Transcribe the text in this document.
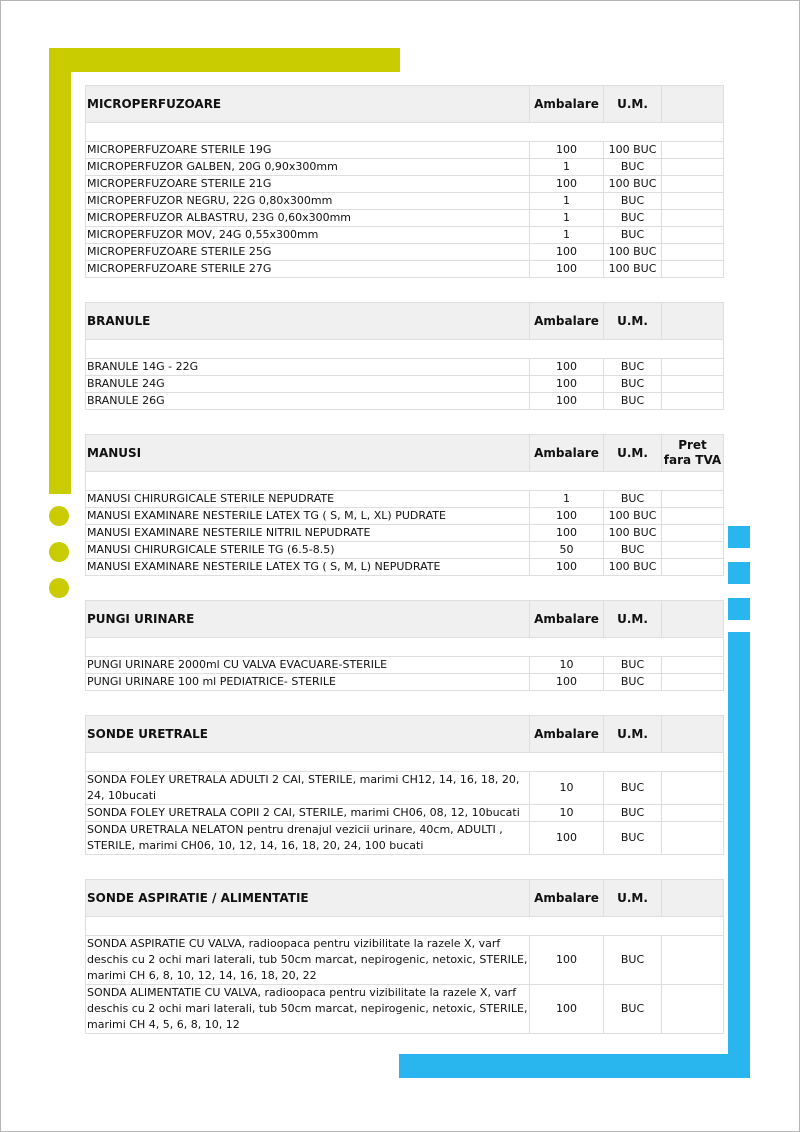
MICROPERFUZOARE	Ambalare	U.M.	

MICROPERFUZOARE STERILE 19G	100	100 BUC	
MICROPERFUZOR GALBEN, 20G 0,90x300mm	1	BUC	
MICROPERFUZOARE STERILE 21G	100	100 BUC	
MICROPERFUZOR NEGRU, 22G 0,80x300mm	1	BUC	
MICROPERFUZOR ALBASTRU, 23G 0,60x300mm	1	BUC	
MICROPERFUZOR MOV, 24G 0,55x300mm	1	BUC	
MICROPERFUZOARE STERILE 25G	100	100 BUC	
MICROPERFUZOARE STERILE 27G	100	100 BUC	
BRANULE	Ambalare	U.M.	

BRANULE 14G - 22G	100	BUC	
BRANULE 24G	100	BUC	
BRANULE 26G	100	BUC	
MANUSI	Ambalare	U.M.	Pret fara TVA

MANUSI CHIRURGICALE STERILE NEPUDRATE	1	BUC	
MANUSI EXAMINARE NESTERILE LATEX TG ( S, M, L, XL) PUDRATE	100	100 BUC	
MANUSI EXAMINARE NESTERILE NITRIL NEPUDRATE	100	100 BUC	
MANUSI CHIRURGICALE STERILE TG (6.5-8.5)	50	BUC	
MANUSI EXAMINARE NESTERILE LATEX TG ( S, M, L) NEPUDRATE	100	100 BUC	
PUNGI URINARE	Ambalare	U.M.	

PUNGI URINARE 2000ml CU VALVA EVACUARE-STERILE	10	BUC	
PUNGI URINARE 100 ml PEDIATRICE- STERILE	100	BUC	
SONDE URETRALE	Ambalare	U.M.	

SONDA FOLEY URETRALA ADULTI 2 CAI, STERILE, marimi CH12, 14, 16, 18, 20, 24, 10bucati	10	BUC	
SONDA FOLEY URETRALA COPII 2 CAI, STERILE, marimi CH06, 08, 12, 10bucati	10	BUC	
SONDA URETRALA NELATON pentru drenajul vezicii urinare, 40cm, ADULTI , STERILE, marimi CH06, 10, 12, 14, 16, 18, 20, 24, 100 bucati	100	BUC	
SONDE ASPIRATIE / ALIMENTATIE	Ambalare	U.M.	

SONDA ASPIRATIE CU VALVA, radioopaca pentru vizibilitate la razele X, varf deschis cu 2 ochi mari laterali, tub 50cm marcat, nepirogenic, netoxic, STERILE, marimi CH 6, 8, 10, 12, 14, 16, 18, 20, 22	100	BUC	
SONDA ALIMENTATIE CU VALVA, radioopaca pentru vizibilitate la razele X, varf deschis cu 2 ochi mari laterali, tub 50cm marcat, nepirogenic, netoxic, STERILE, marimi CH 4, 5, 6, 8, 10, 12	100	BUC	
